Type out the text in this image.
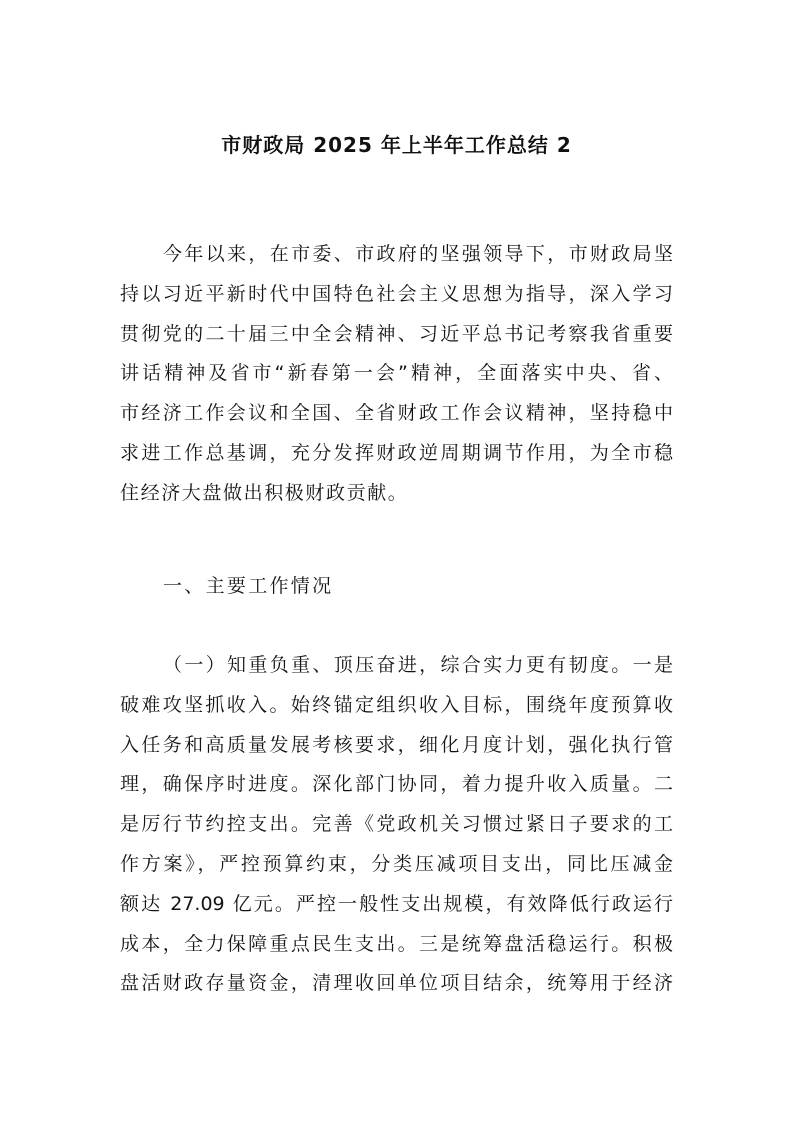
市财政局 2025 年上半年工作总结 2
今年以来，在市委、市政府的坚强领导下，市财政局坚
持以习近平新时代中国特色社会主义思想为指导，深入学习
贯彻党的二十届三中全会精神、习近平总书记考察我省重要
讲话精神及省市“新春第一会”精神，全面落实中央、省、
市经济工作会议和全国、全省财政工作会议精神，坚持稳中
求进工作总基调，充分发挥财政逆周期调节作用，为全市稳
住经济大盘做出积极财政贡献。
一、主要工作情况
（一）知重负重、顶压奋进，综合实力更有韧度。一是
破难攻坚抓收入。始终锚定组织收入目标，围绕年度预算收
入任务和高质量发展考核要求，细化月度计划，强化执行管
理，确保序时进度。深化部门协同，着力提升收入质量。二
是厉行节约控支出。完善《党政机关习惯过紧日子要求的工
作方案》，严控预算约束，分类压减项目支出，同比压减金
额达 27.09 亿元。严控一般性支出规模，有效降低行政运行
成本，全力保障重点民生支出。三是统筹盘活稳运行。积极
盘活财政存量资金，清理收回单位项目结余，统筹用于经济
